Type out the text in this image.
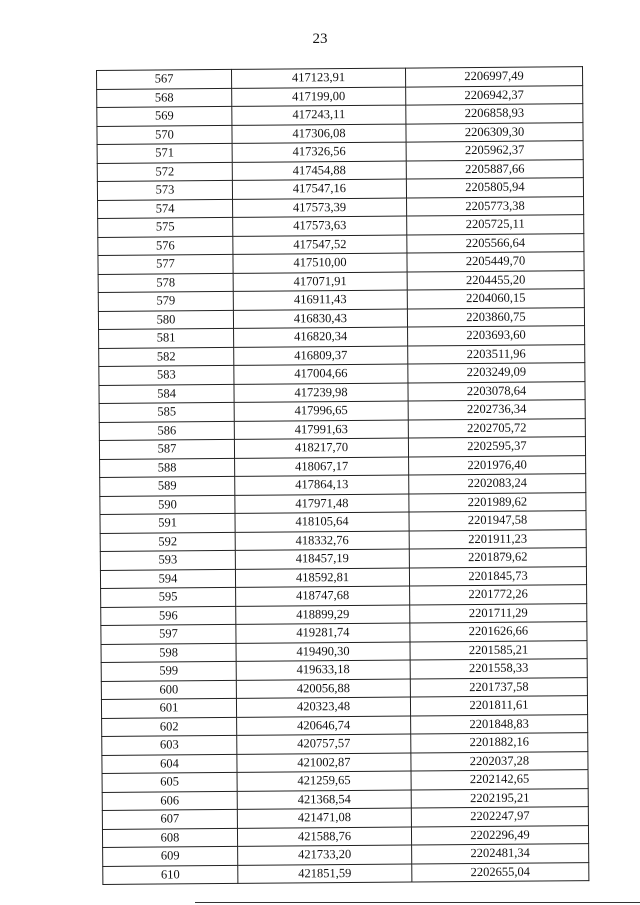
23
567	417123,91	2206997,49
568	417199,00	2206942,37
569	417243,11	2206858,93
570	417306,08	2206309,30
571	417326,56	2205962,37
572	417454,88	2205887,66
573	417547,16	2205805,94
574	417573,39	2205773,38
575	417573,63	2205725,11
576	417547,52	2205566,64
577	417510,00	2205449,70
578	417071,91	2204455,20
579	416911,43	2204060,15
580	416830,43	2203860,75
581	416820,34	2203693,60
582	416809,37	2203511,96
583	417004,66	2203249,09
584	417239,98	2203078,64
585	417996,65	2202736,34
586	417991,63	2202705,72
587	418217,70	2202595,37
588	418067,17	2201976,40
589	417864,13	2202083,24
590	417971,48	2201989,62
591	418105,64	2201947,58
592	418332,76	2201911,23
593	418457,19	2201879,62
594	418592,81	2201845,73
595	418747,68	2201772,26
596	418899,29	2201711,29
597	419281,74	2201626,66
598	419490,30	2201585,21
599	419633,18	2201558,33
600	420056,88	2201737,58
601	420323,48	2201811,61
602	420646,74	2201848,83
603	420757,57	2201882,16
604	421002,87	2202037,28
605	421259,65	2202142,65
606	421368,54	2202195,21
607	421471,08	2202247,97
608	421588,76	2202296,49
609	421733,20	2202481,34
610	421851,59	2202655,04
